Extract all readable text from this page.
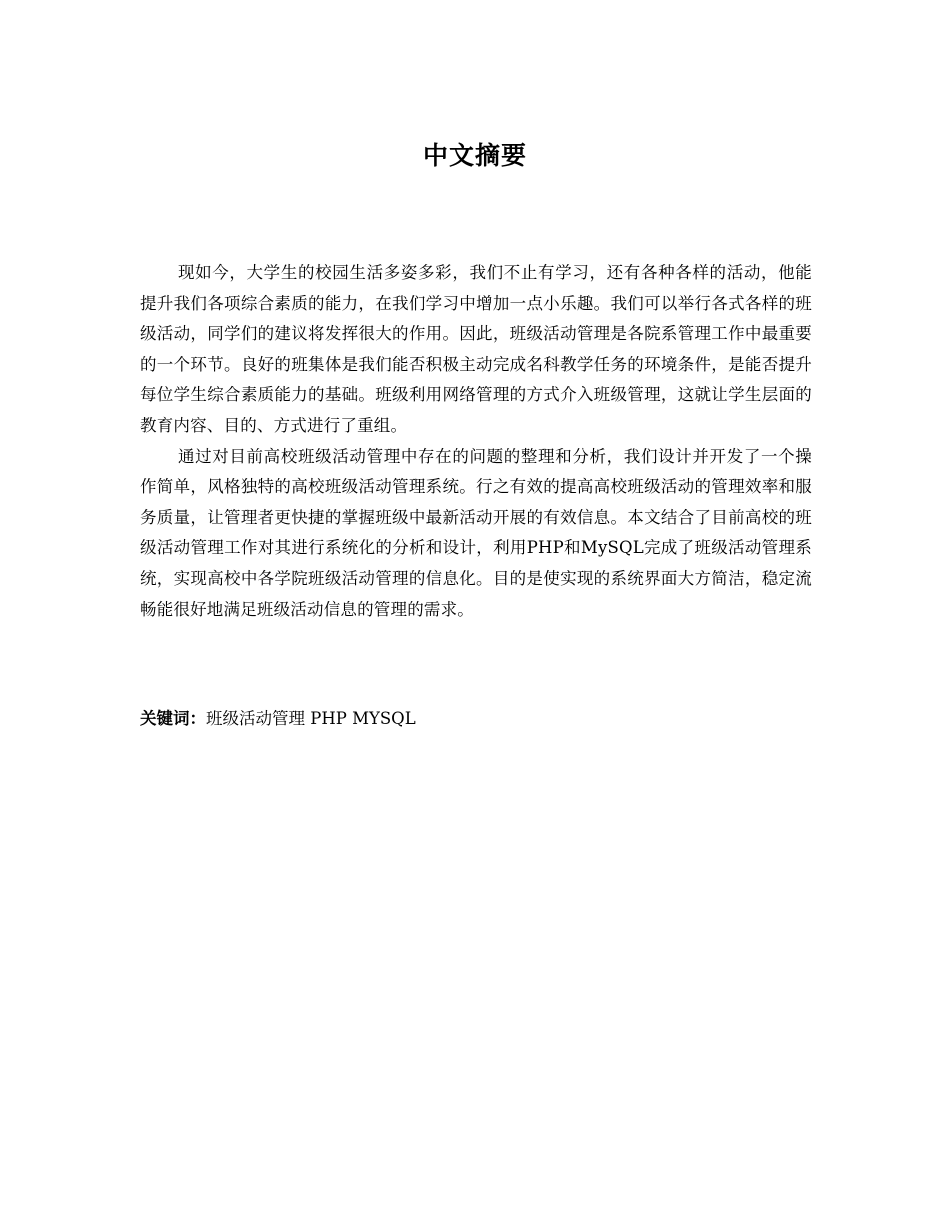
中文摘要

现如今，大学生的校园生活多姿多彩，我们不止有学习，还有各种各样的活动，他能提升我们各项综合素质的能力，在我们学习中增加一点小乐趣。我们可以举行各式各样的班级活动，同学们的建议将发挥很大的作用。因此，班级活动管理是各院系管理工作中最重要的一个环节。良好的班集体是我们能否积极主动完成名科教学任务的环境条件，是能否提升每位学生综合素质能力的基础。班级利用网络管理的方式介入班级管理，这就让学生层面的教育内容、目的、方式进行了重组。

通过对目前高校班级活动管理中存在的问题的整理和分析，我们设计并开发了一个操作简单，风格独特的高校班级活动管理系统。行之有效的提高高校班级活动的管理效率和服务质量，让管理者更快捷的掌握班级中最新活动开展的有效信息。本文结合了目前高校的班级活动管理工作对其进行系统化的分析和设计，利用PHP和MySQL完成了班级活动管理系统，实现高校中各学院班级活动管理的信息化。目的是使实现的系统界面大方简洁，稳定流畅能很好地满足班级活动信息的管理的需求。

关键词：班级活动管理 PHP MYSQL
